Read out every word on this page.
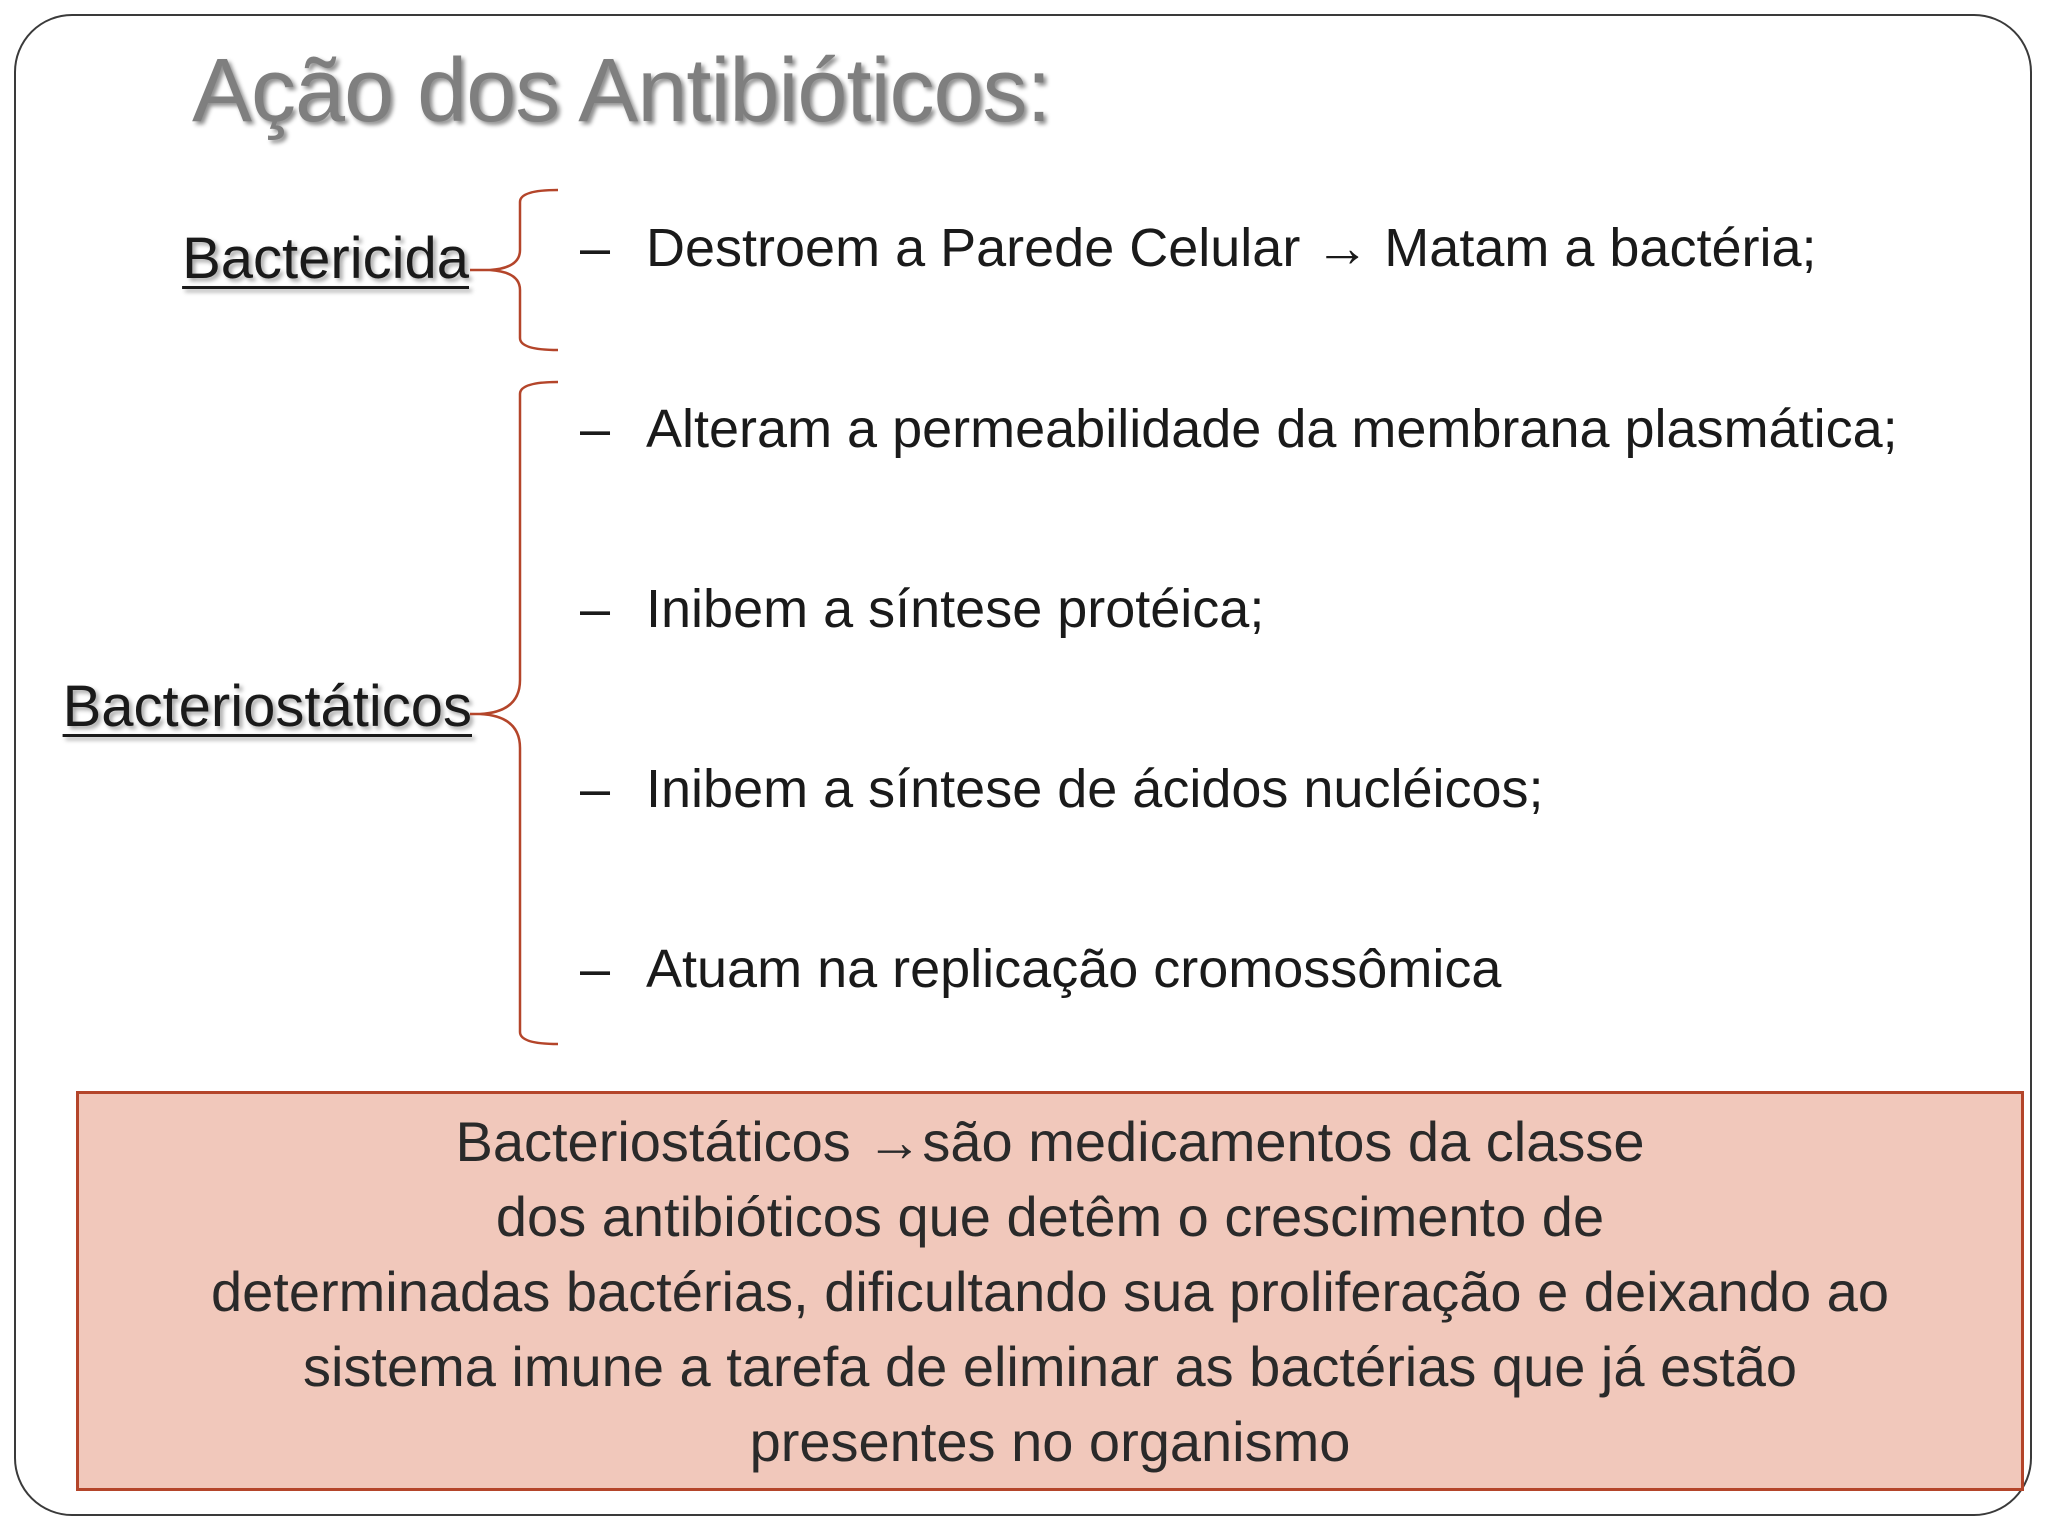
Ação dos Antibióticos:
Bactericida
Bacteriostáticos
– Destroem a Parede Celular → Matam a bactéria;
– Alteram a permeabilidade da membrana plasmática;
– Inibem a síntese protéica;
– Inibem a síntese de ácidos nucléicos;
– Atuam na replicação cromossômica
Bacteriostáticos →são medicamentos da classe
dos antibióticos que detêm o crescimento de
determinadas bactérias, dificultando sua proliferação e deixando ao
sistema imune a tarefa de eliminar as bactérias que já estão
presentes no organismo
